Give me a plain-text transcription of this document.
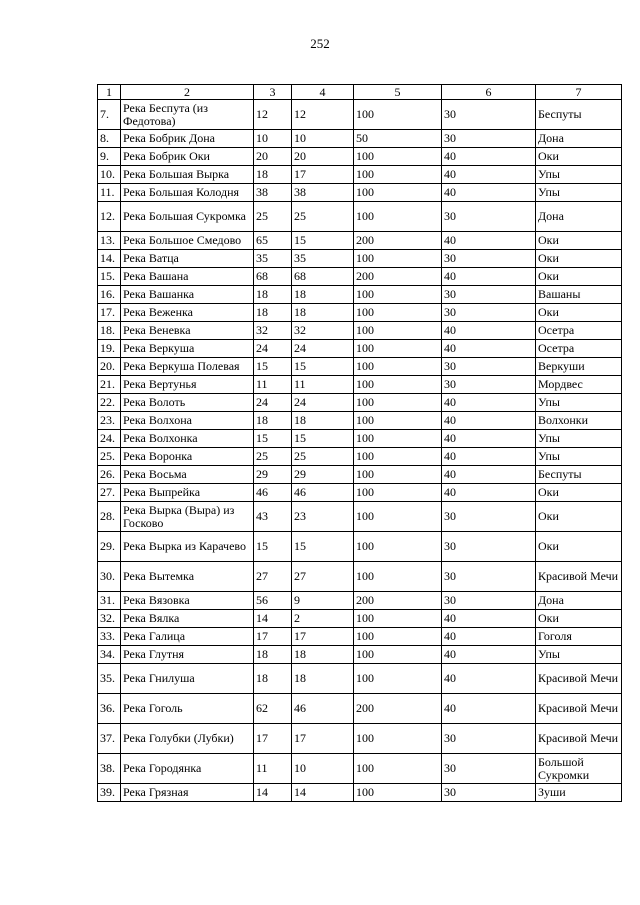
252
1	2	3	4	5	6	7
7.	Река Беспута (из Федотова)	12	12	100	30	Беспуты
8.	Река Бобрик Дона	10	10	50	30	Дона
9.	Река Бобрик Оки	20	20	100	40	Оки
10.	Река Большая Вырка	18	17	100	40	Упы
11.	Река Большая Колодня	38	38	100	40	Упы
12.	Река Большая Сукромка	25	25	100	30	Дона
13.	Река Большое Смедово	65	15	200	40	Оки
14.	Река Ватца	35	35	100	30	Оки
15.	Река Вашана	68	68	200	40	Оки
16.	Река Вашанка	18	18	100	30	Вашаны
17.	Река Веженка	18	18	100	30	Оки
18.	Река Веневка	32	32	100	40	Осетра
19.	Река Веркуша	24	24	100	40	Осетра
20.	Река Веркуша Полевая	15	15	100	30	Веркуши
21.	Река Вертунья	11	11	100	30	Мордвес
22.	Река Волоть	24	24	100	40	Упы
23.	Река Волхона	18	18	100	40	Волхонки
24.	Река Волхонка	15	15	100	40	Упы
25.	Река Воронка	25	25	100	40	Упы
26.	Река Восьма	29	29	100	40	Беспуты
27.	Река Выпрейка	46	46	100	40	Оки
28.	Река Вырка (Выра) из Госково	43	23	100	30	Оки
29.	Река Вырка из Карачево	15	15	100	30	Оки
30.	Река Вытемка	27	27	100	30	Красивой Мечи
31.	Река Вязовка	56	9	200	30	Дона
32.	Река Вялка	14	2	100	40	Оки
33.	Река Галица	17	17	100	40	Гоголя
34.	Река Глутня	18	18	100	40	Упы
35.	Река Гнилуша	18	18	100	40	Красивой Мечи
36.	Река Гоголь	62	46	200	40	Красивой Мечи
37.	Река Голубки (Лубки)	17	17	100	30	Красивой Мечи
38.	Река Городянка	11	10	100	30	Большой Сукромки
39.	Река Грязная	14	14	100	30	Зуши
